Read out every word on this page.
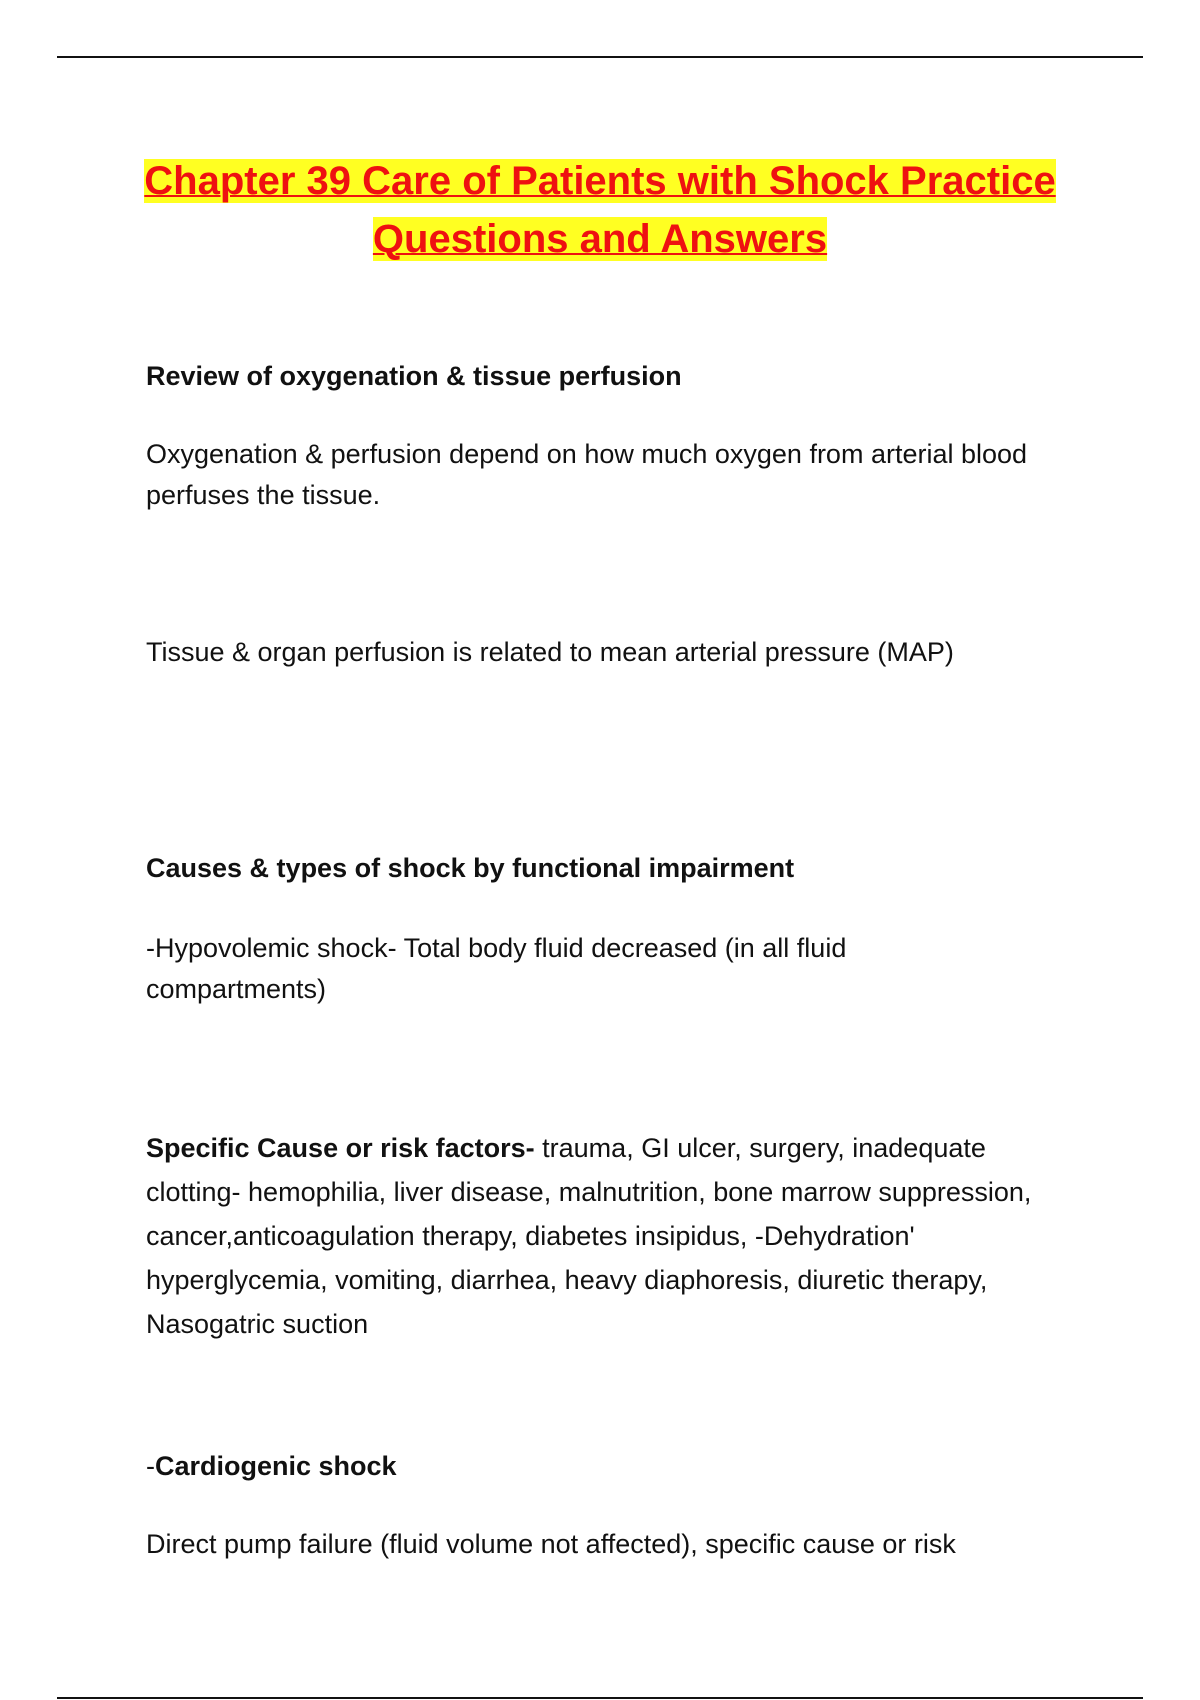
Chapter 39 Care of Patients with Shock Practice Questions and Answers
Review of oxygenation & tissue perfusion
Oxygenation & perfusion depend on how much oxygen from arterial blood perfuses the tissue.
Tissue & organ perfusion is related to mean arterial pressure (MAP)
Causes & types of shock by functional impairment
-Hypovolemic shock- Total body fluid decreased (in all fluid compartments)
Specific Cause or risk factors- trauma, GI ulcer, surgery, inadequate clotting- hemophilia, liver disease, malnutrition, bone marrow suppression, cancer,anticoagulation therapy, diabetes insipidus, -Dehydration' hyperglycemia, vomiting, diarrhea, heavy diaphoresis, diuretic therapy, Nasogatric suction
-Cardiogenic shock
Direct pump failure (fluid volume not affected), specific cause or risk
